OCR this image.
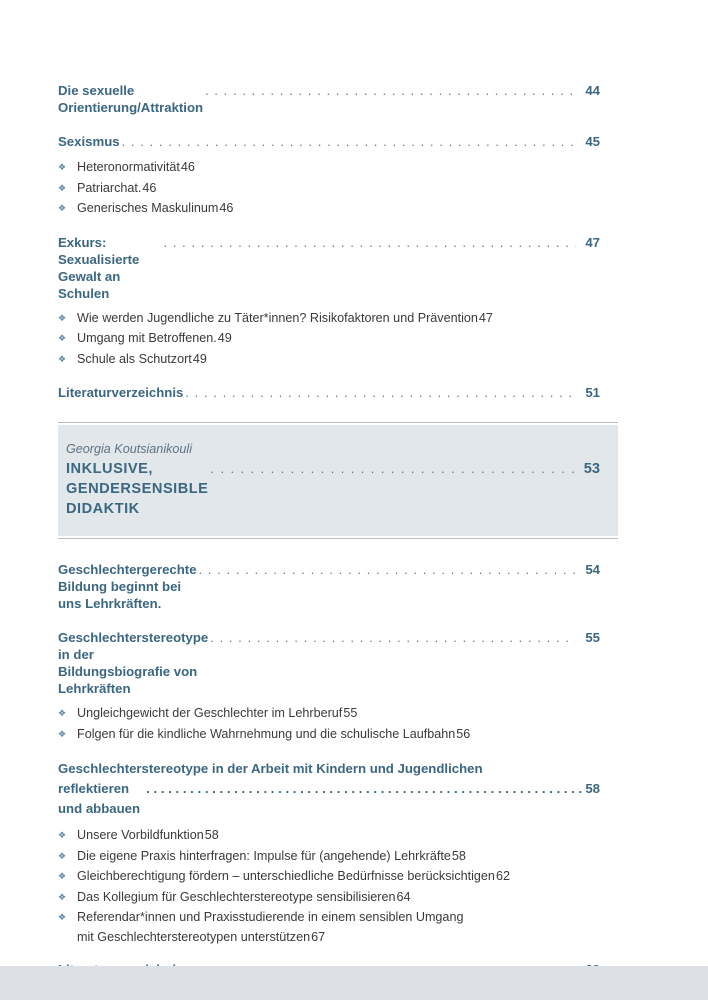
Die sexuelle Orientierung/Attraktion
. . .
44
Sexismus . . .	45
❖ Heteronormativität 46
❖ Patriarchat. 46
❖ Generisches Maskulinum 46
Exkurs: Sexualisierte Gewalt an Schulen
. . .
47
❖ Wie werden Jugendliche zu Täter*innen? Risikofaktoren und Prävention 47
❖ Umgang mit Betroffenen. 49
❖ Schule als Schutzort 49
Literaturverzeichnis . . .	51
Georgia Koutsianikouli
INKLUSIVE, GENDERSENSIBLE DIDAKTIK
. . .
53
Geschlechtergerechte Bildung beginnt bei uns Lehrkräften.
. . .
54
Geschlechterstereotype in der Bildungsbiografie von Lehrkräften
. . .
55
❖ Ungleichgewicht der Geschlechter im Lehrberuf 55
❖ Folgen für die kindliche Wahrnehmung und die schulische Laufbahn 56
Geschlechterstereotype in der Arbeit mit Kindern und Jugendlichen
reflektieren und abbauen
. . .
58
❖ Unsere Vorbildfunktion 58
❖ Die eigene Praxis hinterfragen: Impulse für (angehende) Lehrkräfte 58
❖ Gleichberechtigung fördern – unterschiedliche Bedürfnisse berücksichtigen 62
❖ Das Kollegium für Geschlechterstereotype sensibilisieren 64
❖ Referendar*innen und Praxisstudierende in einem sensiblen Umgang
mit Geschlechterstereotypen unterstützen 67
. . .
